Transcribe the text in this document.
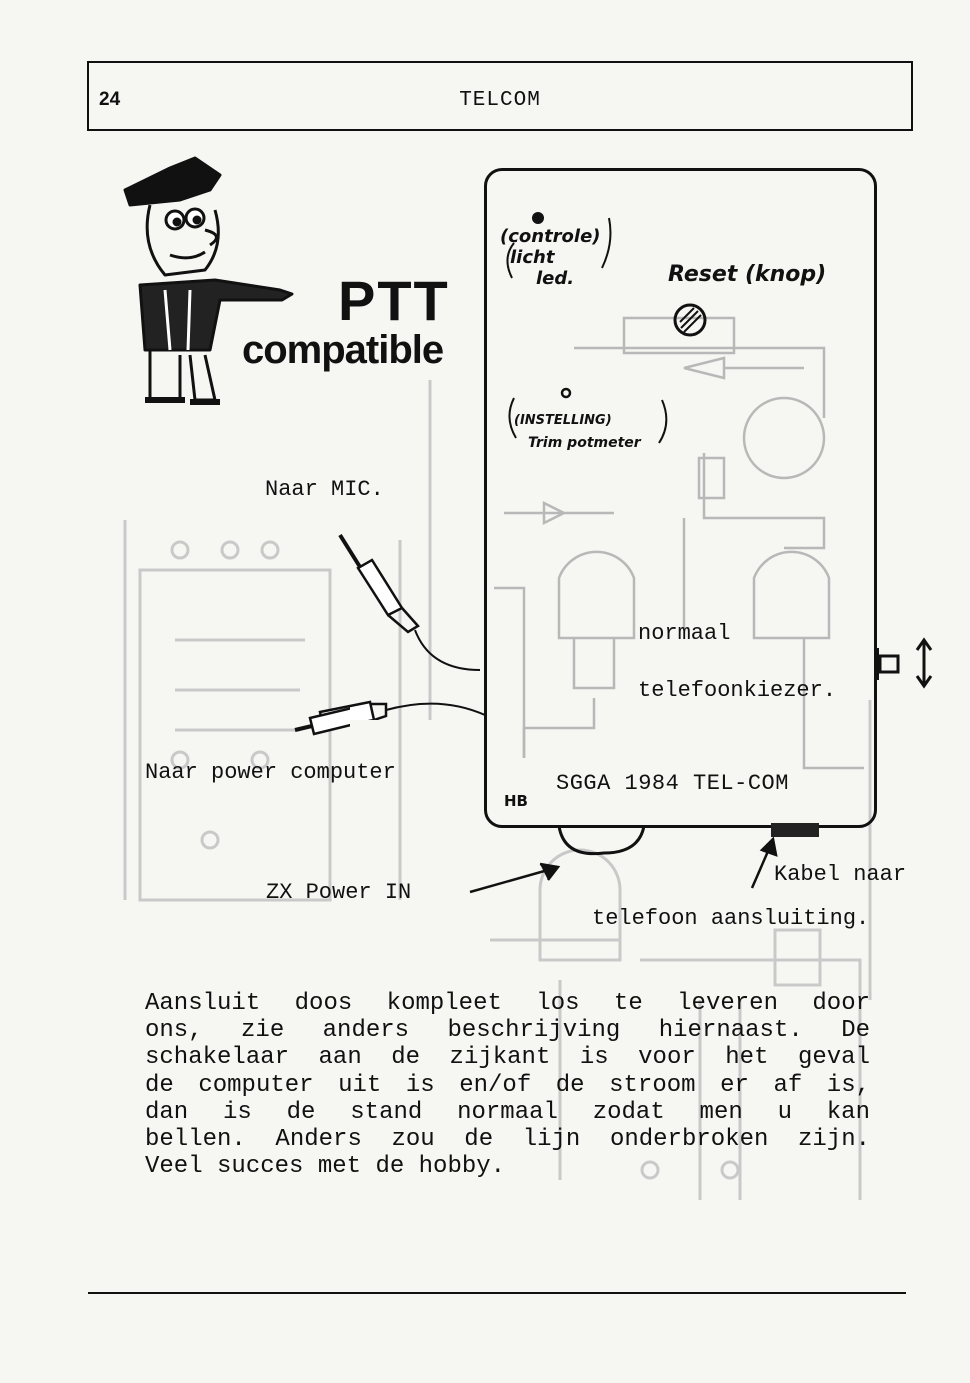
24	TELCOM
PTT
compatible
(controle)
licht
led.	Reset (knop)
(INSTELLING)
Trim potmeter
normaal
telefoonkiezer.
SGGA 1984 TEL-COM
HB
Naar MIC.
Naar power computer
ZX Power IN
Kabel naar
telefoon aansluiting.
Aansluit doos kompleet los te leveren door
ons, zie anders beschrijving hiernaast. De
schakelaar aan de zijkant is voor het geval
de computer uit is en/of de stroom er af is,
dan is de stand normaal zodat men u kan
bellen. Anders zou de lijn onderbroken zijn.
Veel succes met de hobby.
